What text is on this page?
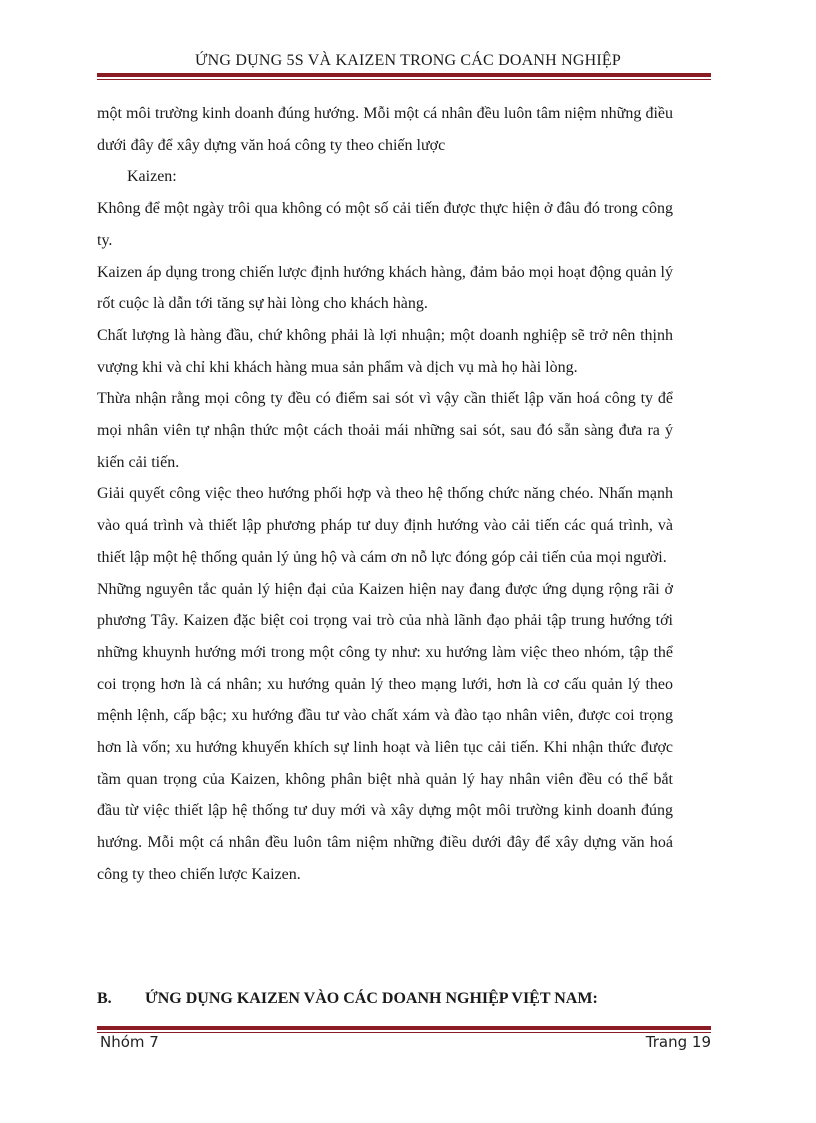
ỨNG DỤNG 5S VÀ KAIZEN TRONG CÁC DOANH NGHIỆP

một môi trường kinh doanh đúng hướng. Mỗi một cá nhân đều luôn tâm niệm những điều dưới đây để xây dựng văn hoá công ty theo chiến lược

Kaizen:

Không để một ngày trôi qua không có một số cải tiến được thực hiện ở đâu đó trong công ty.

Kaizen áp dụng trong chiến lược định hướng khách hàng, đảm bảo mọi hoạt động quản lý rốt cuộc là dẫn tới tăng sự hài lòng cho khách hàng.

Chất lượng là hàng đầu, chứ không phải là lợi nhuận; một doanh nghiệp sẽ trở nên thịnh vượng khi và chỉ khi khách hàng mua sản phẩm và dịch vụ mà họ hài lòng.

Thừa nhận rằng mọi công ty đều có điểm sai sót vì vậy cần thiết lập văn hoá công ty để mọi nhân viên tự nhận thức một cách thoải mái những sai sót, sau đó sẵn sàng đưa ra ý kiến cải tiến.

Giải quyết công việc theo hướng phối hợp và theo hệ thống chức năng chéo. Nhấn mạnh vào quá trình và thiết lập phương pháp tư duy định hướng vào cải tiến các quá trình, và thiết lập một hệ thống quản lý ủng hộ và cám ơn nỗ lực đóng góp cải tiến của mọi người.

Những nguyên tắc quản lý hiện đại của Kaizen hiện nay đang được ứng dụng rộng rãi ở phương Tây. Kaizen đặc biệt coi trọng vai trò của nhà lãnh đạo phải tập trung hướng tới những khuynh hướng mới trong một công ty như: xu hướng làm việc theo nhóm, tập thể coi trọng hơn là cá nhân; xu hướng quản lý theo mạng lưới, hơn là cơ cấu quản lý theo mệnh lệnh, cấp bậc; xu hướng đầu tư vào chất xám và đào tạo nhân viên, được coi trọng hơn là vốn; xu hướng khuyến khích sự linh hoạt và liên tục cải tiến. Khi nhận thức được tầm quan trọng của Kaizen, không phân biệt nhà quản lý hay nhân viên đều có thể bắt đầu từ việc thiết lập hệ thống tư duy mới và xây dựng một môi trường kinh doanh đúng hướng. Mỗi một cá nhân đều luôn tâm niệm những điều dưới đây để xây dựng văn hoá công ty theo chiến lược Kaizen.

B. ỨNG DỤNG KAIZEN VÀO CÁC DOANH NGHIỆP VIỆT NAM:
Nhóm 7	Trang 19
